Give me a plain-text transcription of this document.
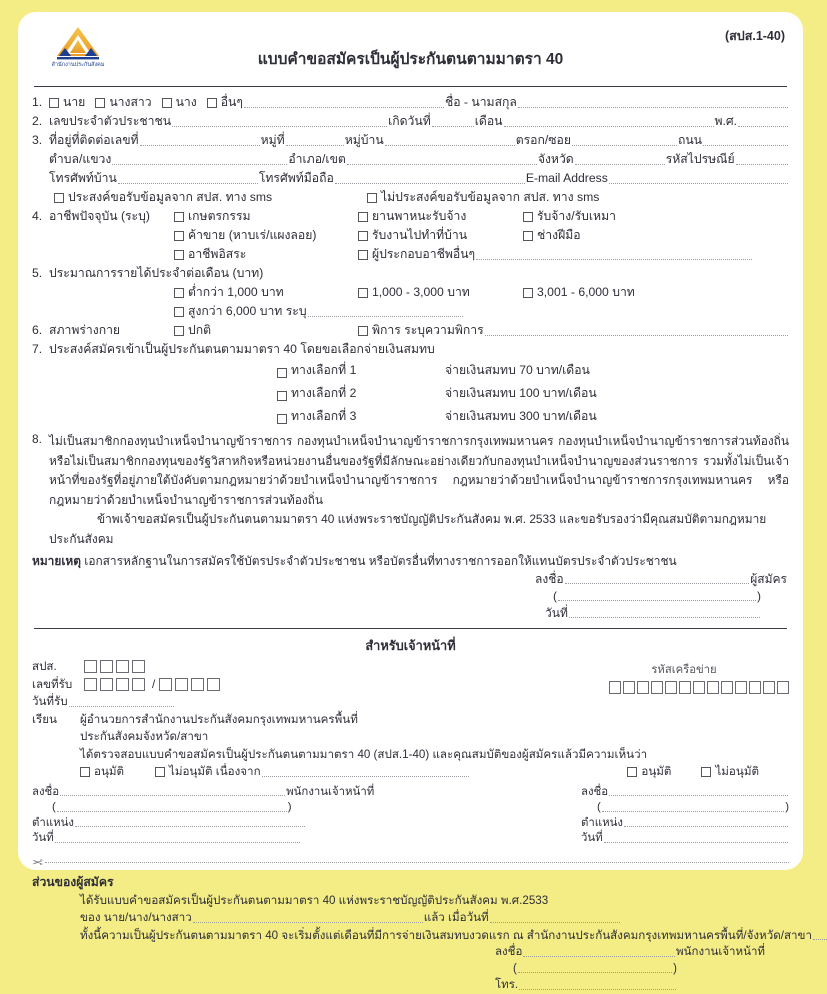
สำนักงานประกันสังคม
(สปส.1-40)
แบบคำขอสมัครเป็นผู้ประกันตนตามมาตรา 40
1.	นาย นางสาว นาง อื่นๆ	ชื่อ - นามสกุล
2. เลขประจำตัวประชาชน	เกิดวันที่	เดือน	พ.ศ.
3. ที่อยู่ที่ติดต่อเลขที่	หมู่ที่	หมู่บ้าน	ตรอก/ซอย	ถนน
ตำบล/แขวง	อำเภอ/เขต	จังหวัด	รหัสไปรษณีย์
โทรศัพท์บ้าน	โทรศัพท์มือถือ	E-mail Address
ประสงค์ขอรับข้อมูลจาก สปส. ทาง sms	ไม่ประสงค์ขอรับข้อมูลจาก สปส. ทาง sms
4. อาชีพปัจจุบัน (ระบุ)	เกษตรกรรม	ยานพาหนะรับจ้าง	รับจ้าง/รับเหมา
ค้าขาย (หาบเร่/แผงลอย)	รับงานไปทำที่บ้าน	ช่างฝีมือ
อาชีพอิสระ	ผู้ประกอบอาชีพอื่นๆ
5. ประมาณการรายได้ประจำต่อเดือน (บาท)
ต่ำกว่า 1,000 บาท	1,000 - 3,000 บาท	3,001 - 6,000 บาท
สูงกว่า 6,000 บาท ระบุ
6. สภาพร่างกาย	ปกติ	พิการ ระบุความพิการ
7. ประสงค์สมัครเข้าเป็นผู้ประกันตนตามมาตรา 40 โดยขอเลือกจ่ายเงินสมทบ
ทางเลือกที่ 1	จ่ายเงินสมทบ 70 บาท/เดือน
ทางเลือกที่ 2	จ่ายเงินสมทบ 100 บาท/เดือน
ทางเลือกที่ 3	จ่ายเงินสมทบ 300 บาท/เดือน
8. ไม่เป็นสมาชิกกองทุนบำเหน็จบำนาญข้าราชการ กองทุนบำเหน็จบำนาญข้าราชการกรุงเทพมหานคร กองทุนบำเหน็จบำนาญข้าราชการส่วนท้องถิ่น หรือไม่เป็นสมาชิกกองทุนของรัฐวิสาหกิจหรือหน่วยงานอื่นของรัฐที่มีลักษณะอย่างเดียวกับกองทุนบำเหน็จบำนาญของส่วนราชการ รวมทั้งไม่เป็นเจ้าหน้าที่ของรัฐที่อยู่ภายใต้บังคับตามกฎหมายว่าด้วยบำเหน็จบำนาญข้าราชการ กฎหมายว่าด้วยบำเหน็จบำนาญข้าราชการกรุงเทพมหานคร หรือกฎหมายว่าด้วยบำเหน็จบำนาญข้าราชการส่วนท้องถิ่น

ข้าพเจ้าขอสมัครเป็นผู้ประกันตนตามมาตรา 40 แห่งพระราชบัญญัติประกันสังคม พ.ศ. 2533 และขอรับรองว่ามีคุณสมบัติตามกฎหมายประกันสังคม

หมายเหตุ เอกสารหลักฐานในการสมัครใช้บัตรประจำตัวประชาชน หรือบัตรอื่นที่ทางราชการออกให้แทนบัตรประจำตัวประชาชน

ลงชื่อ	ผู้สมัคร
(	)
วันที่
สำหรับเจ้าหน้าที่
สปส.
เลขที่รับ	/
วันที่รับ
รหัสเครือข่าย
เรียน	ผู้อำนวยการสำนักงานประกันสังคมกรุงเทพมหานครพื้นที่
ประกันสังคมจังหวัด/สาขา
ได้ตรวจสอบแบบคำขอสมัครเป็นผู้ประกันตนตามมาตรา 40 (สปส.1-40) และคุณสมบัติของผู้สมัครแล้วมีความเห็นว่า
อนุมัติ	ไม่อนุมัติ
อนุมัติ	ไม่อนุมัติ เนื่องจาก
ลงชื่อ	พนักงานเจ้าหน้าที่
(	)
ตำแหน่ง
วันที่
ลงชื่อ
(	)
ตำแหน่ง
วันที่
✂
ส่วนของผู้สมัคร
ได้รับแบบคำขอสมัครเป็นผู้ประกันตนตามมาตรา 40 แห่งพระราชบัญญัติประกันสังคม พ.ศ.2533
ของ นาย/นาง/นางสาว	แล้ว เมื่อวันที่
ทั้งนี้ความเป็นผู้ประกันตนตามมาตรา 40 จะเริ่มตั้งแต่เดือนที่มีการจ่ายเงินสมทบงวดแรก ณ สำนักงานประกันสังคมกรุงเทพมหานครพื้นที่/จังหวัด/สาขา
ลงชื่อ	พนักงานเจ้าหน้าที่
(	)
โทร.
